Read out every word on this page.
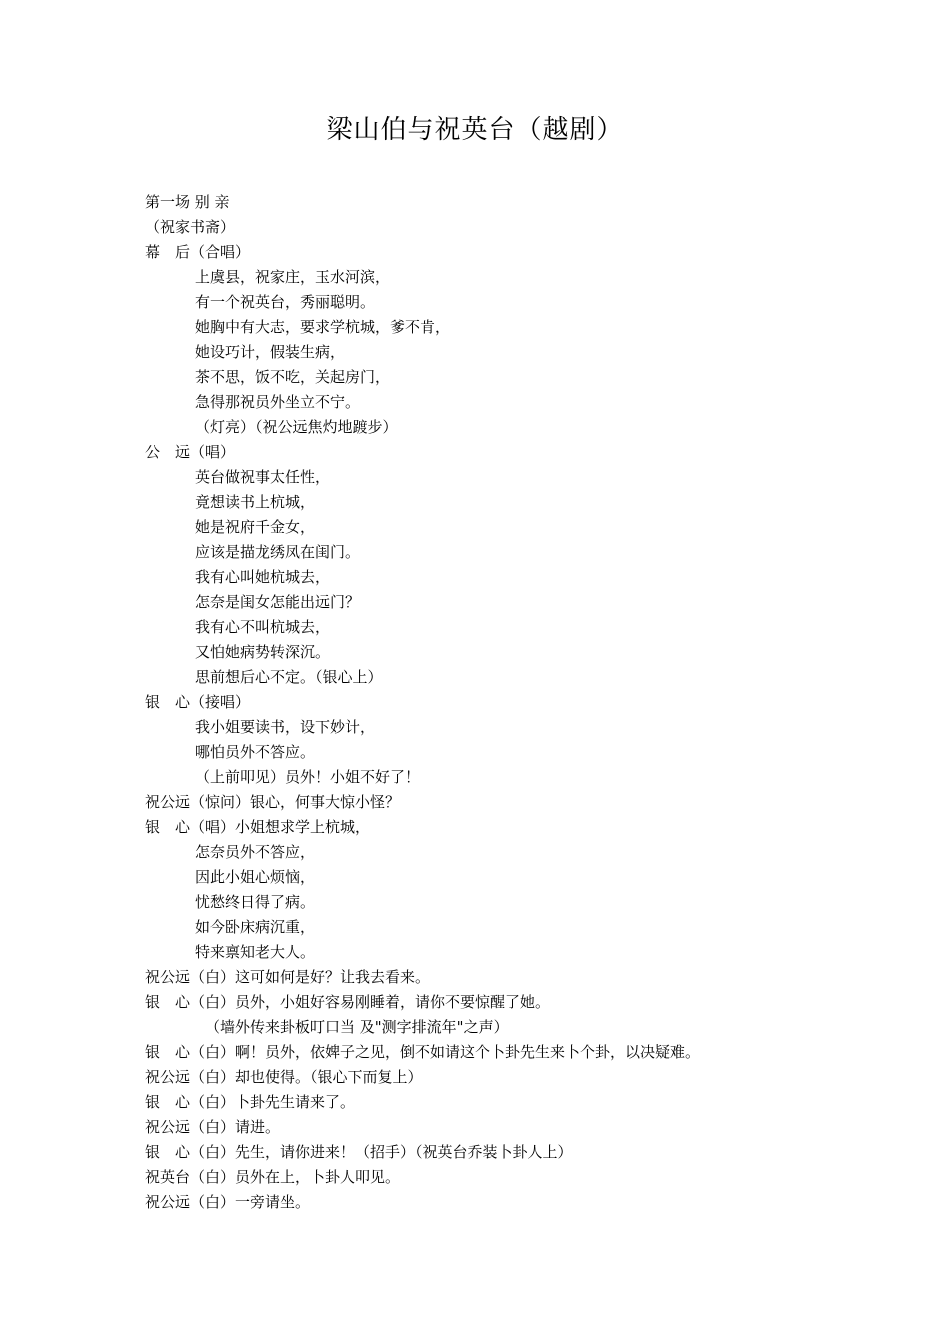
梁山伯与祝英台（越剧）
第一场 别 亲
（祝家书斋）
幕　后（合唱）
上虞县，祝家庄，玉水河滨，
有一个祝英台，秀丽聪明。
她胸中有大志，要求学杭城，爹不肯，
她设巧计，假装生病，
茶不思，饭不吃，关起房门，
急得那祝员外坐立不宁。
（灯亮）（祝公远焦灼地踱步）
公　远（唱）
英台做祝事太任性，
竟想读书上杭城，
她是祝府千金女，
应该是描龙绣凤在闺门。
我有心叫她杭城去，
怎奈是闺女怎能出远门？
我有心不叫杭城去，
又怕她病势转深沉。
思前想后心不定。（银心上）
银　心（接唱）
我小姐要读书，设下妙计，
哪怕员外不答应。
（上前叩见）员外！小姐不好了！
祝公远（惊问）银心，何事大惊小怪？
银　心（唱）小姐想求学上杭城，
怎奈员外不答应，
因此小姐心烦恼，
忧愁终日得了病。
如今卧床病沉重，
特来禀知老大人。
祝公远（白）这可如何是好？让我去看来。
银　心（白）员外，小姐好容易刚睡着，请你不要惊醒了她。
（墙外传来卦板叮口当 及"测字排流年"之声）
银　心（白）啊！员外，依婢子之见，倒不如请这个卜卦先生来卜个卦，以决疑难。
祝公远（白）却也使得。（银心下而复上）
银　心（白）卜卦先生请来了。
祝公远（白）请进。
银　心（白）先生，请你进来！（招手）（祝英台乔装卜卦人上）
祝英台（白）员外在上，卜卦人叩见。
祝公远（白）一旁请坐。
